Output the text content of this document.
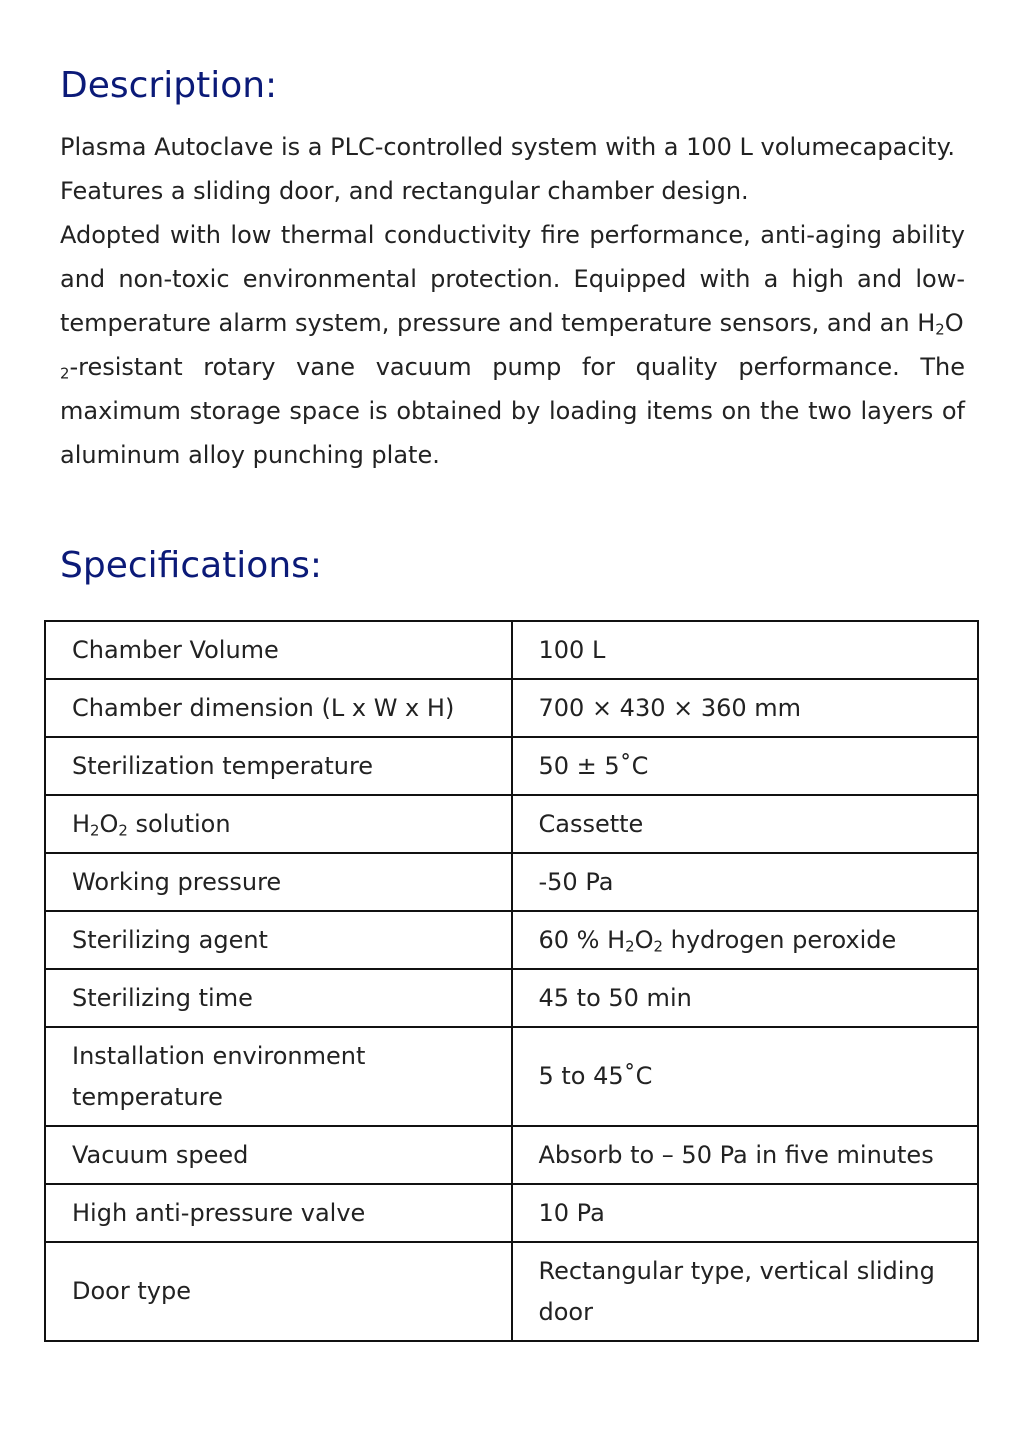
Description:

Plasma Autoclave is a PLC-controlled system with a 100 L volumecapacity.

Features a sliding door, and rectangular chamber design.

Adopted with low thermal conductivity fire performance, anti-aging ability and non-toxic environmental protection. Equipped with a high and low-temperature alarm system, pressure and temperature sensors, and an $H_2O$
$_2$-resistant rotary vane vacuum pump for quality performance. The maximum storage space is obtained by loading items on the two layers of aluminum alloy punching plate.

Specifications:
Chamber Volume	100 L
Chamber dimension (L x W x H)	700 × 430 × 360 mm
Sterilization temperature	50 ± 5˚C
$H_2O_2$ solution	Cassette
Working pressure	-50 Pa
Sterilizing agent	60 % $H_2O_2$ hydrogen peroxide
Sterilizing time	45 to 50 min
Installation environment temperature	5 to 45˚C
Vacuum speed	Absorb to – 50 Pa in five minutes
High anti-pressure valve	10 Pa
Door type	Rectangular type, vertical sliding door
